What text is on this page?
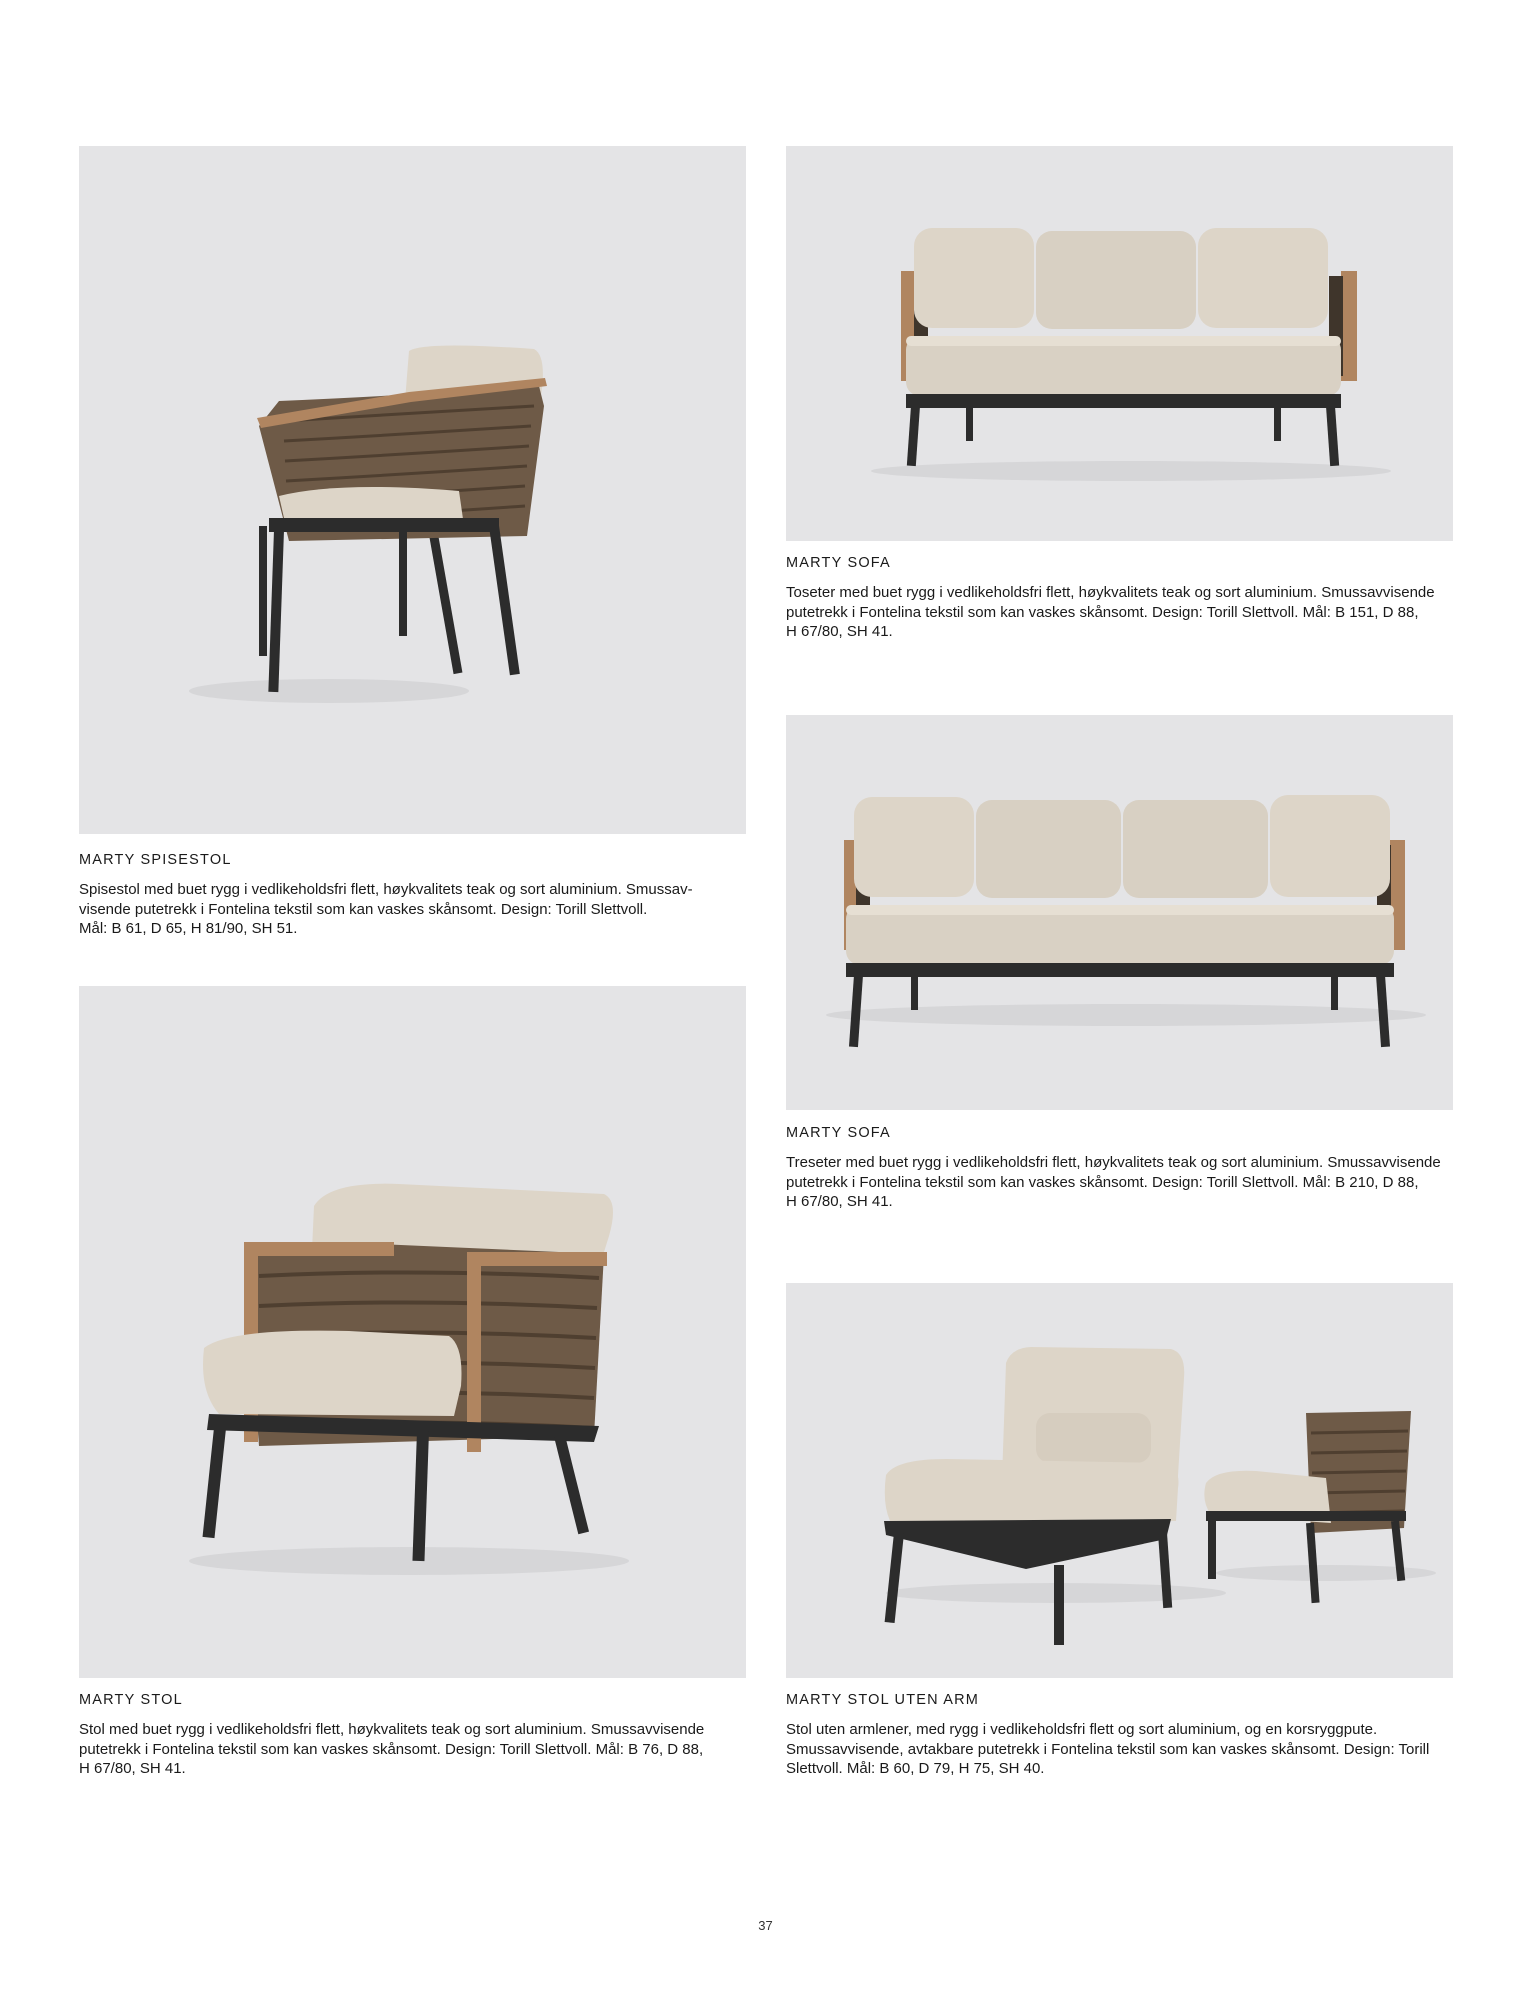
MARTY SPISESTOL

Spisestol med buet rygg i vedlikeholdsfri flett, høykvalitets teak og sort aluminium. Smussav-
visende putetrekk i Fontelina tekstil som kan vaskes skånsomt. Design: Torill Slettvoll.
Mål: B 61, D 65, H 81/90, SH 51.

MARTY SOFA

Toseter med buet rygg i vedlikeholdsfri flett, høykvalitets teak og sort aluminium. Smussavvisende
putetrekk i Fontelina tekstil som kan vaskes skånsomt. Design: Torill Slettvoll. Mål: B 151, D 88,
H 67/80, SH 41.

MARTY SOFA

Treseter med buet rygg i vedlikeholdsfri flett, høykvalitets teak og sort aluminium. Smussavvisende
putetrekk i Fontelina tekstil som kan vaskes skånsomt. Design: Torill Slettvoll. Mål: B 210, D 88,
H 67/80, SH 41.

MARTY STOL

Stol med buet rygg i vedlikeholdsfri flett, høykvalitets teak og sort aluminium. Smussavvisende
putetrekk i Fontelina tekstil som kan vaskes skånsomt. Design: Torill Slettvoll. Mål: B 76, D 88,
H 67/80, SH 41.

MARTY STOL UTEN ARM

Stol uten armlener, med rygg i vedlikeholdsfri flett og sort aluminium, og en korsryggpute.
Smussavvisende, avtakbare putetrekk i Fontelina tekstil som kan vaskes skånsomt. Design: Torill
Slettvoll. Mål: B 60, D 79, H 75, SH 40.

37
